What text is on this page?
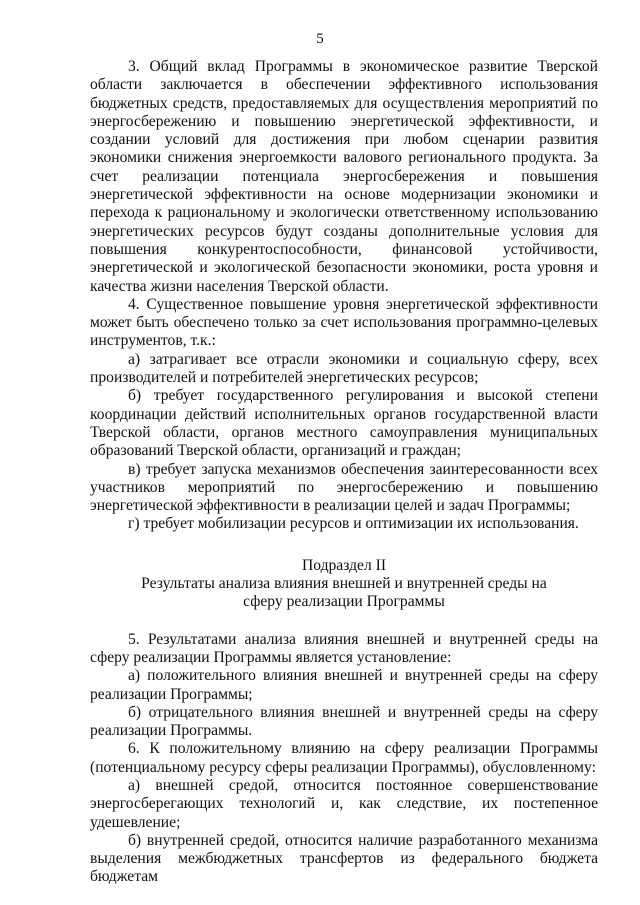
5

3. Общий вклад Программы в экономическое развитие Тверской области заключается в обеспечении эффективного использования бюджетных средств, предоставляемых для осуществления мероприятий по энергосбережению и повышению энергетической эффективности, и создании условий для достижения при любом сценарии развития экономики снижения энергоемкости валового регионального продукта. За счет реализации потенциала энергосбережения и повышения энергетической эффективности на основе модернизации экономики и перехода к рациональному и экологически ответственному использованию энергетических ресурсов будут созданы дополнительные условия для повышения конкурентоспособности, финансовой устойчивости, энергетической и экологической безопасности экономики, роста уровня и качества жизни населения Тверской области.

4. Существенное повышение уровня энергетической эффективности может быть обеспечено только за счет использования программно-целевых инструментов, т.к.:

а) затрагивает все отрасли экономики и социальную сферу, всех производителей и потребителей энергетических ресурсов;

б) требует государственного регулирования и высокой степени координации действий исполнительных органов государственной власти Тверской области, органов местного самоуправления муниципальных образований Тверской области, организаций и граждан;

в) требует запуска механизмов обеспечения заинтересованности всех участников мероприятий по энергосбережению и повышению энергетической эффективности в реализации целей и задач Программы;

г) требует мобилизации ресурсов и оптимизации их использования.

Подраздел II
Результаты анализа влияния внешней и внутренней среды на сферу реализации Программы

5. Результатами анализа влияния внешней и внутренней среды на сферу реализации Программы является установление:

а) положительного влияния внешней и внутренней среды на сферу реализации Программы;

б) отрицательного влияния внешней и внутренней среды на сферу реализации Программы.

6. К положительному влиянию на сферу реализации Программы (потенциальному ресурсу сферы реализации Программы), обусловленному:

а) внешней средой, относится постоянное совершенствование энергосберегающих технологий и, как следствие, их постепенное удешевление;

б) внутренней средой, относится наличие разработанного механизма выделения межбюджетных трансфертов из федерального бюджета бюджетам
